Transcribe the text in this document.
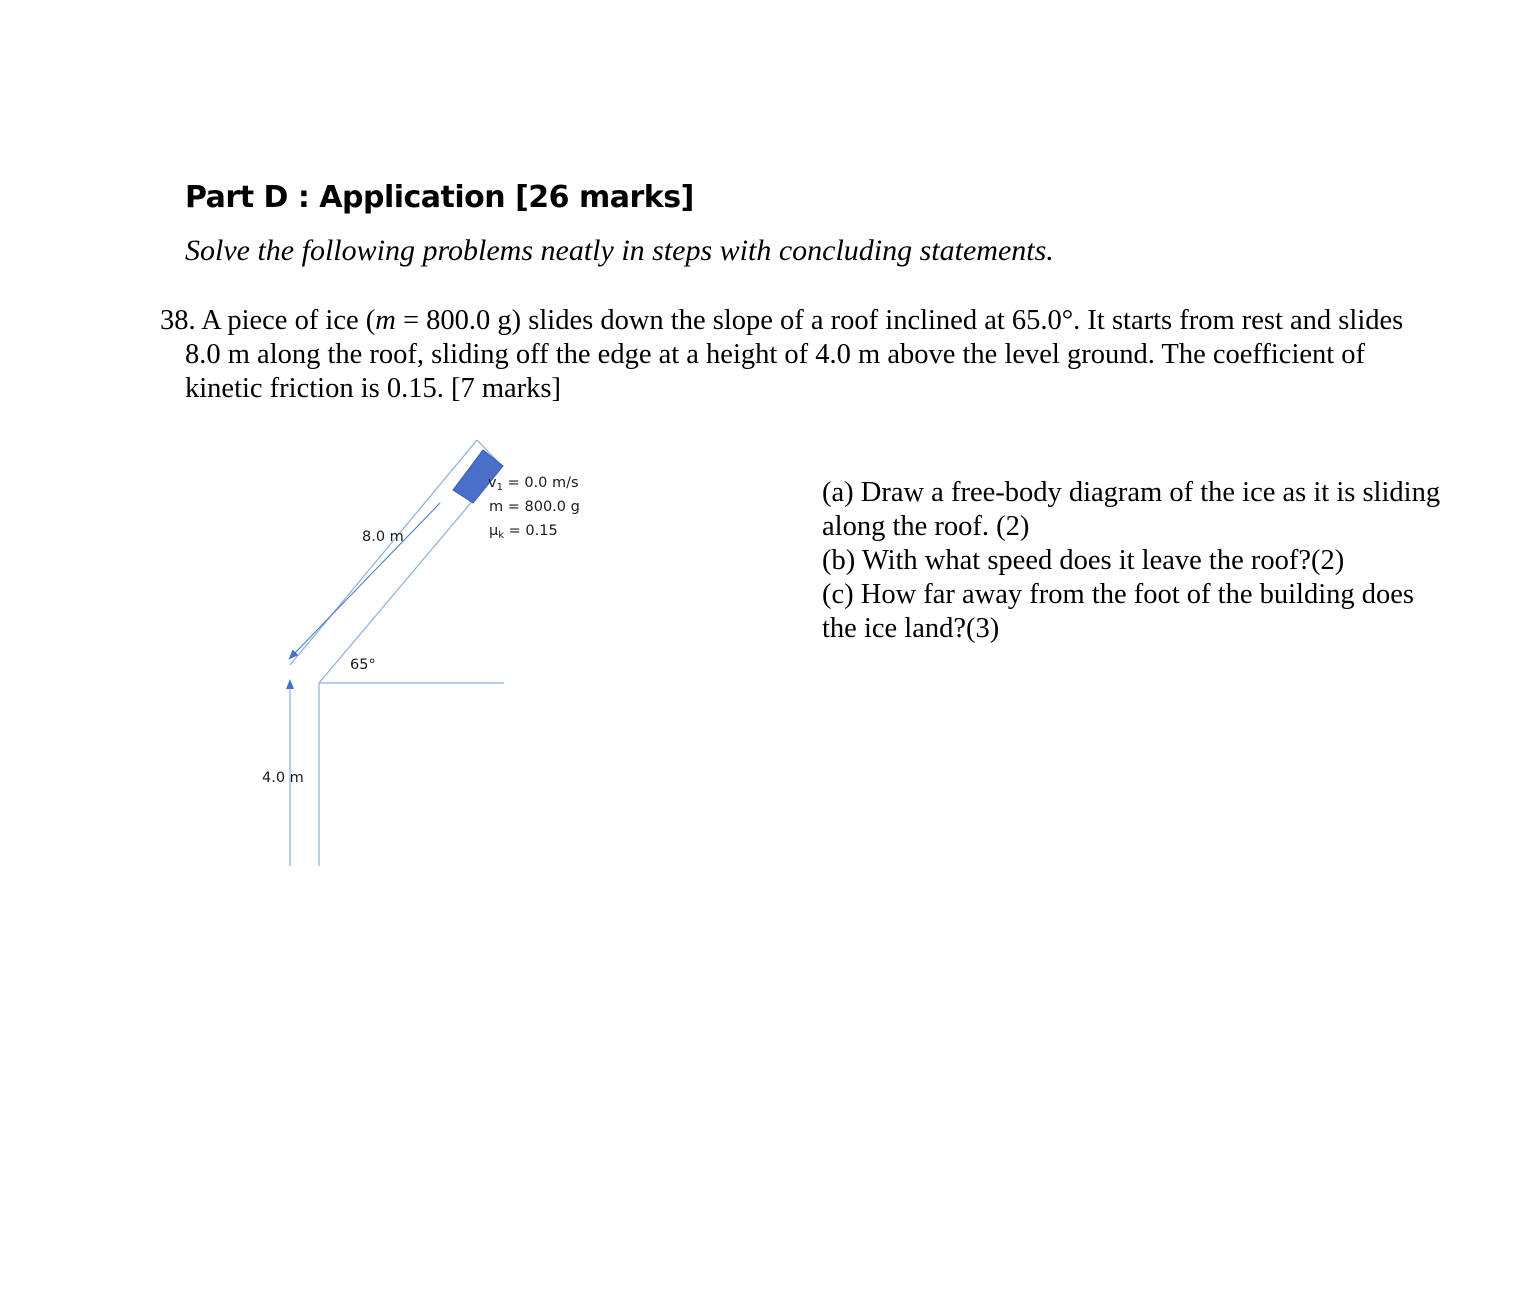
Part D : Application [26 marks]

Solve the following problems neatly in steps with concluding statements.

38. A piece of ice (m = 800.0 g) slides down the slope of a roof inclined at 65.0°. It starts from rest and slides
8.0 m along the roof, sliding off the edge at a height of 4.0 m above the level ground. The coefficient of
kinetic friction is 0.15. [7 marks]
$v_1 = 0.0$ m/s
m = 800.0 g
$\mu_k = 0.15$
8.0 m
65°
4.0 m
(a) Draw a free-body diagram of the ice as it is sliding
along the roof. (2)
(b) With what speed does it leave the roof?(2)
(c) How far away from the foot of the building does
the ice land?(3)
